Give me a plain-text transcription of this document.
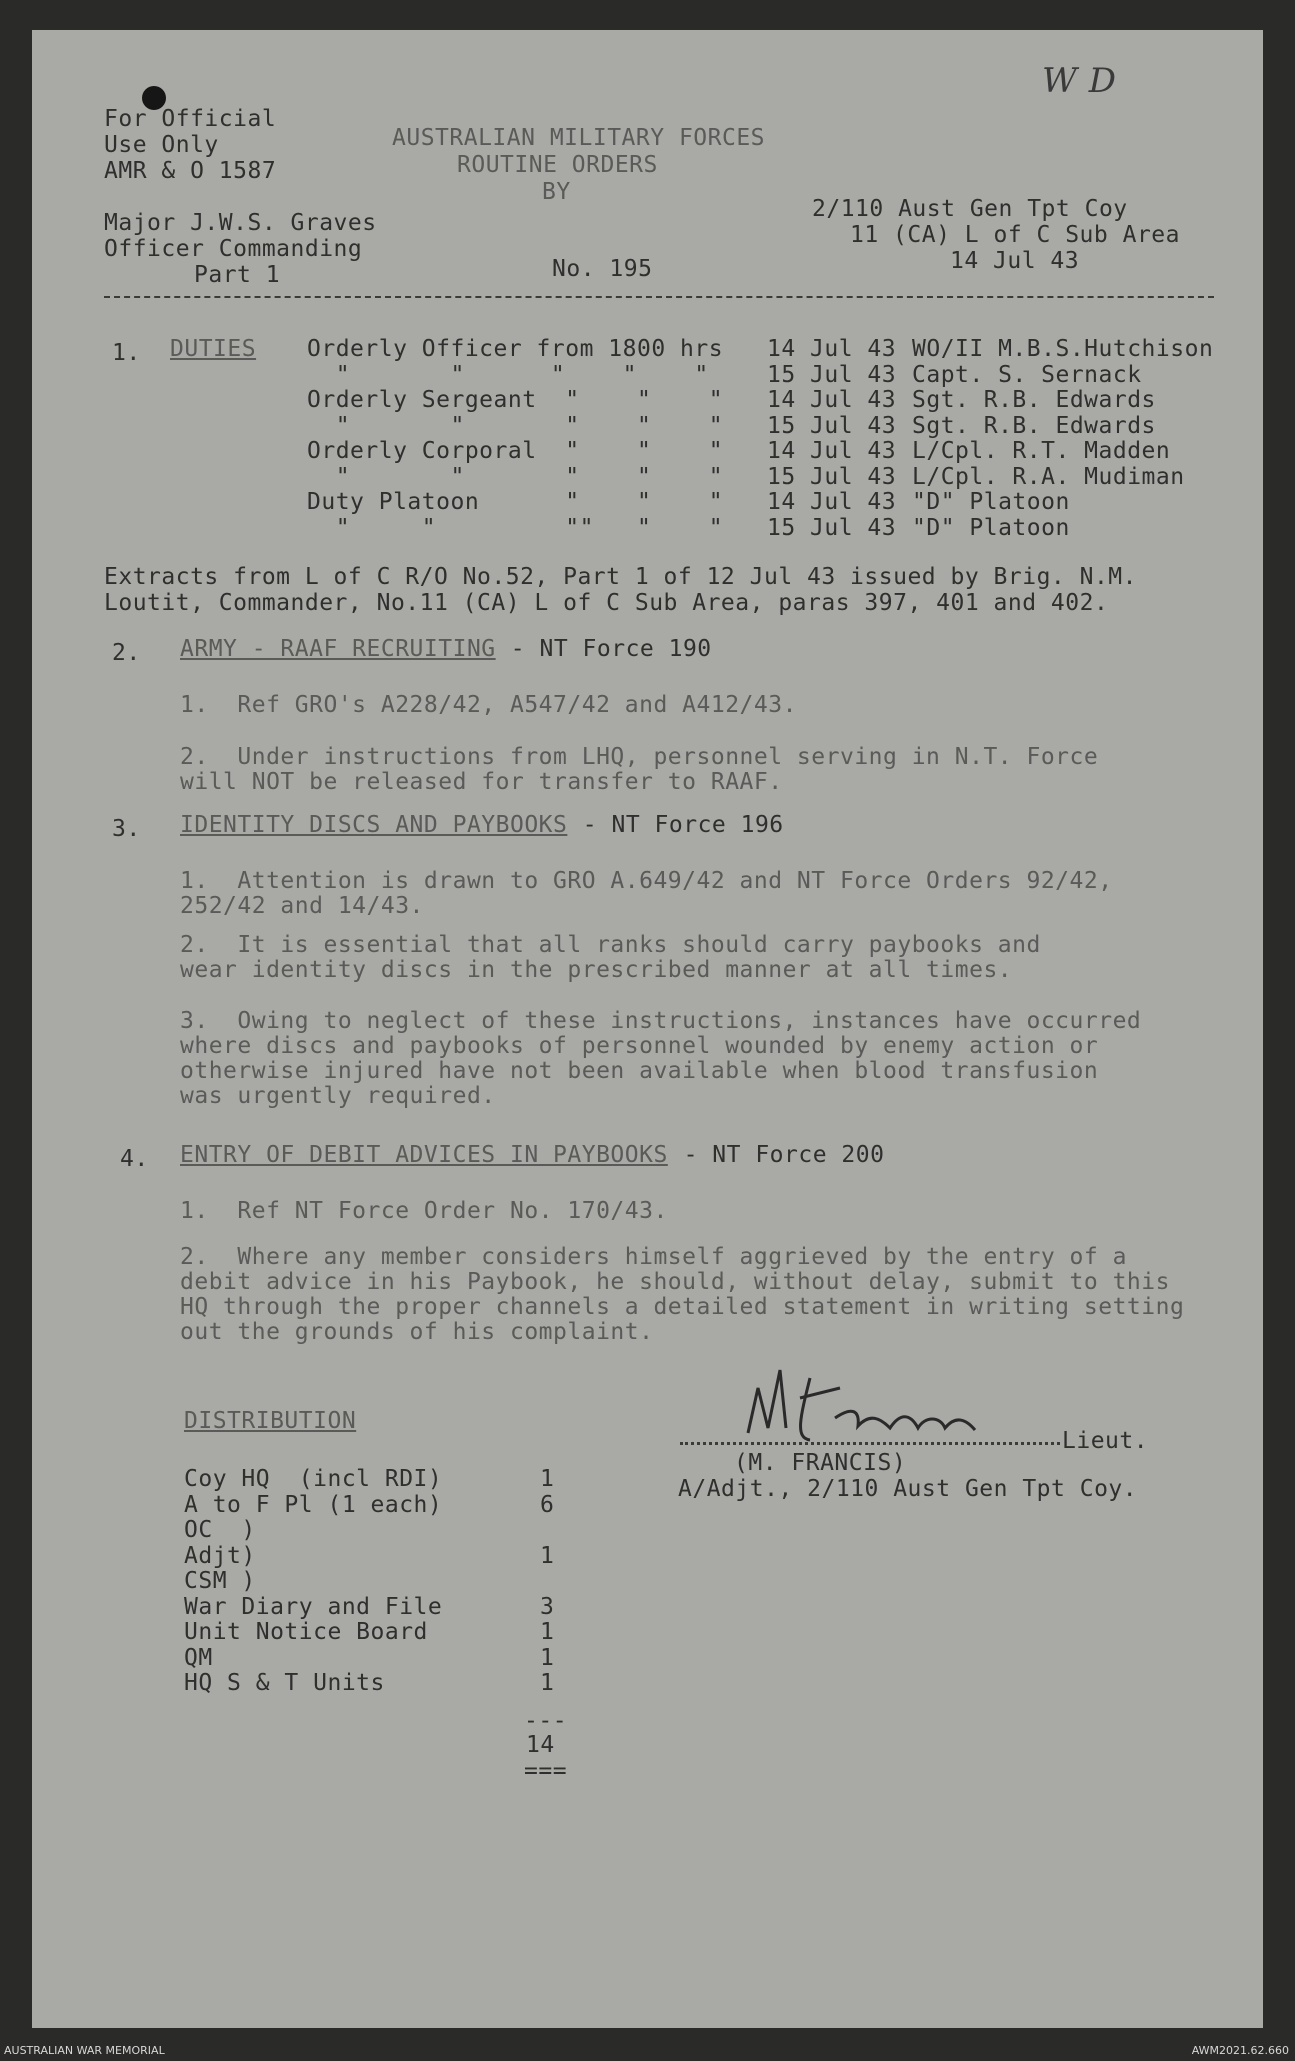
For Official
Use Only
AMR & O 1587
AUSTRALIAN MILITARY FORCES
ROUTINE ORDERS
BY
W D
Major J.W.S. Graves
Officer Commanding
Part 1	No. 195
2/110 Aust Gen Tpt Coy
11 (CA) L of C Sub Area
14 Jul 43
1. DUTIES Orderly Officer from 1800 hrs 14 Jul 43 WO/II M.B.S.Hutchison
"       "      "    "    "	15 Jul 43 Capt. S. Sernack
Orderly Sergeant  "    "    " 14 Jul 43 Sgt. R.B. Edwards
"       "       "    "    " 15 Jul 43 Sgt. R.B. Edwards
Orderly Corporal  "    "    " 14 Jul 43 L/Cpl. R.T. Madden
"       "       "    "    " 15 Jul 43 L/Cpl. R.A. Mudiman
Duty Platoon      "    "    " 14 Jul 43 "D" Platoon
"     "         ""   "    " 15 Jul 43 "D" Platoon
Extracts from L of C R/O No.52, Part 1 of 12 Jul 43 issued by Brig. N.M.
Loutit, Commander, No.11 (CA) L of C Sub Area, paras 397, 401 and 402.
2. ARMY - RAAF RECRUITING - NT Force 190
1.  Ref GRO's A228/42, A547/42 and A412/43.
2.  Under instructions from LHQ, personnel serving in N.T. Force
will NOT be released for transfer to RAAF.
3. IDENTITY DISCS AND PAYBOOKS - NT Force 196
1.  Attention is drawn to GRO A.649/42 and NT Force Orders 92/42,
252/42 and 14/43.
2.  It is essential that all ranks should carry paybooks and
wear identity discs in the prescribed manner at all times.
3.  Owing to neglect of these instructions, instances have occurred
where discs and paybooks of personnel wounded by enemy action or
otherwise injured have not been available when blood transfusion
was urgently required.
4. ENTRY OF DEBIT ADVICES IN PAYBOOKS - NT Force 200
1.  Ref NT Force Order No. 170/43.
2.  Where any member considers himself aggrieved by the entry of a
debit advice in his Paybook, he should, without delay, submit to this
HQ through the proper channels a detailed statement in writing setting
out the grounds of his complaint.
DISTRIBUTION
Coy HQ  (incl RDI)	1
A to F Pl (1 each)	6
OC  )
Adjt)	1
CSM )
War Diary and File	3
Unit Notice Board	1
QM	1
HQ S & T Units	1
---
14
===
Lieut.
(M. FRANCIS)
A/Adjt., 2/110 Aust Gen Tpt Coy.
AUSTRALIAN WAR MEMORIAL	AWM2021.62.660
